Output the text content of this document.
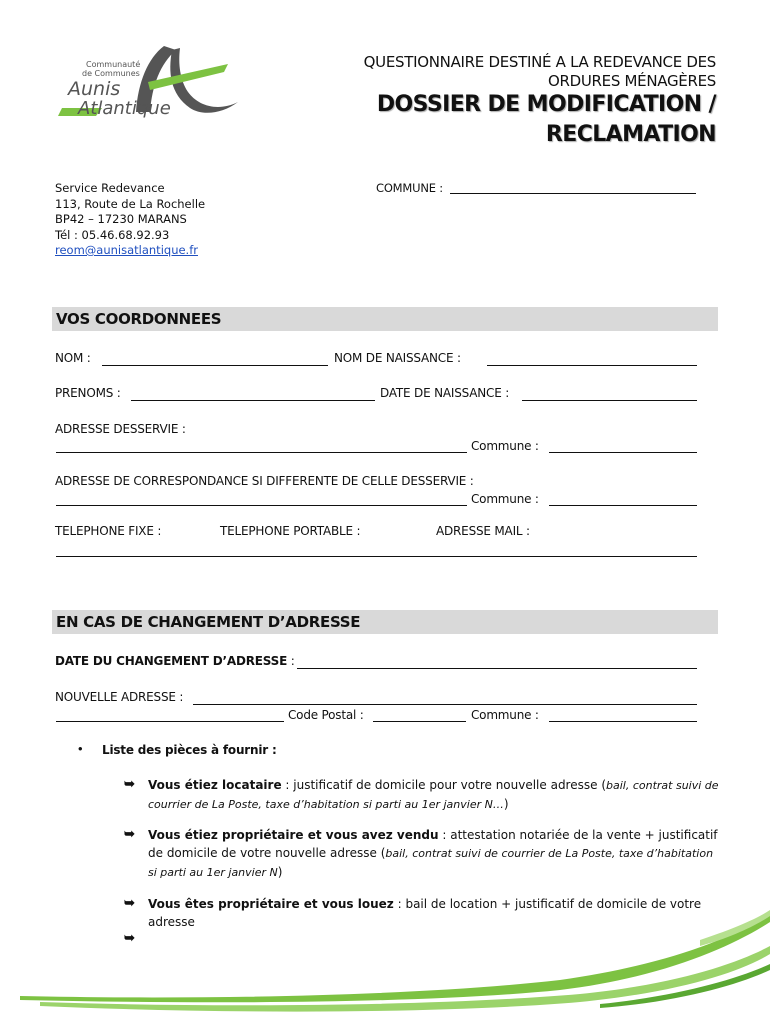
Communauté
de Communes
Aunis
Atlantique
QUESTIONNAIRE DESTINÉ A LA REDEVANCE DES
ORDURES MÉNAGÈRES
DOSSIER DE MODIFICATION /
RECLAMATION
Service Redevance
113, Route de La Rochelle
BP42 – 17230 MARANS
Tél : 05.46.68.92.93
reom@aunisatlantique.fr
COMMUNE :
VOS COORDONNEES
NOM :	NOM DE NAISSANCE :
PRENOMS :	DATE DE NAISSANCE :
ADRESSE DESSERVIE :
Commune :
ADRESSE DE CORRESPONDANCE SI DIFFERENTE DE CELLE DESSERVIE :
Commune :
TELEPHONE FIXE :	TELEPHONE PORTABLE :	ADRESSE MAIL :
EN CAS DE CHANGEMENT D’ADRESSE
DATE DU CHANGEMENT D’ADRESSE :
NOUVELLE ADRESSE :
Code Postal :	Commune :
• Liste des pièces à fournir :
➥ Vous étiez locataire : justificatif de domicile pour votre nouvelle adresse (bail, contrat suivi de courrier de La Poste, taxe d’habitation si parti au 1er janvier N…)
➥ Vous étiez propriétaire et vous avez vendu : attestation notariée de la vente + justificatif de domicile de votre nouvelle adresse (bail, contrat suivi de courrier de La Poste, taxe d’habitation si parti au 1er janvier N)
➥ Vous êtes propriétaire et vous louez : bail de location + justificatif de domicile de votre adresse
➥
